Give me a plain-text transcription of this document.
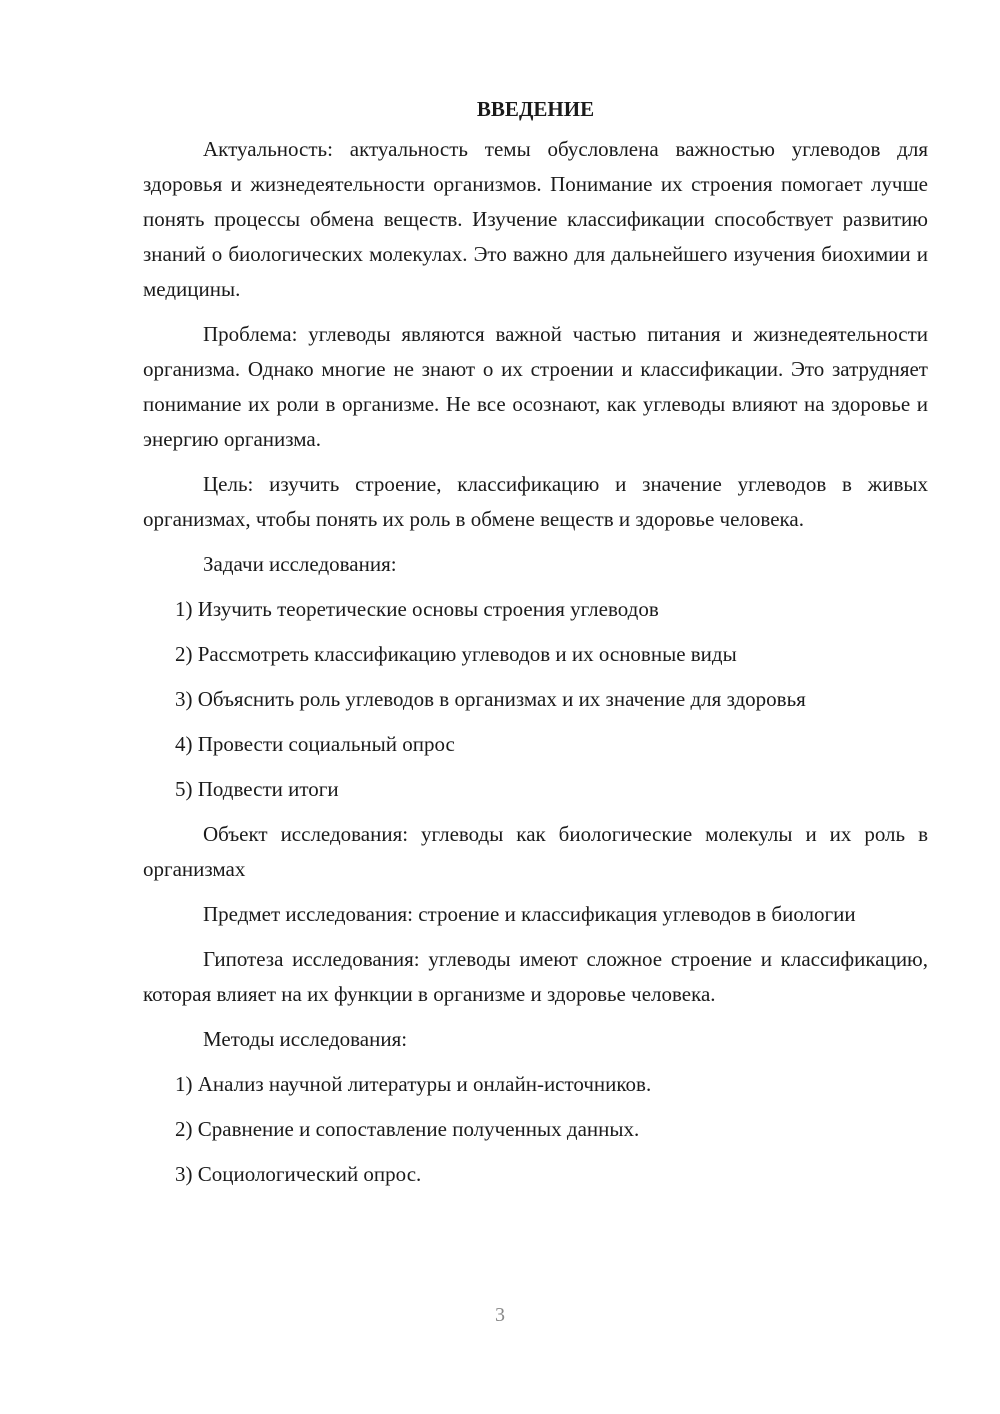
ВВЕДЕНИЕ

Актуальность: актуальность темы обусловлена важностью углеводов для здоровья и жизнедеятельности организмов. Понимание их строения помогает лучше понять процессы обмена веществ. Изучение классификации способствует развитию знаний о биологических молекулах. Это важно для дальнейшего изучения биохимии и медицины.

Проблема: углеводы являются важной частью питания и жизнедеятельности организма. Однако многие не знают о их строении и классификации. Это затрудняет понимание их роли в организме. Не все осознают, как углеводы влияют на здоровье и энергию организма.

Цель: изучить строение, классификацию и значение углеводов в живых организмах, чтобы понять их роль в обмене веществ и здоровье человека.

Задачи исследования:

1) Изучить теоретические основы строения углеводов
2) Рассмотреть классификацию углеводов и их основные виды
3) Объяснить роль углеводов в организмах и их значение для здоровья
4) Провести социальный опрос
5) Подвести итоги

Объект исследования: углеводы как биологические молекулы и их роль в организмах

Предмет исследования: строение и классификация углеводов в биологии

Гипотеза исследования: углеводы имеют сложное строение и классификацию, которая влияет на их функции в организме и здоровье человека.

Методы исследования:

1) Анализ научной литературы и онлайн-источников.
2) Сравнение и сопоставление полученных данных.
3) Социологический опрос.
3
